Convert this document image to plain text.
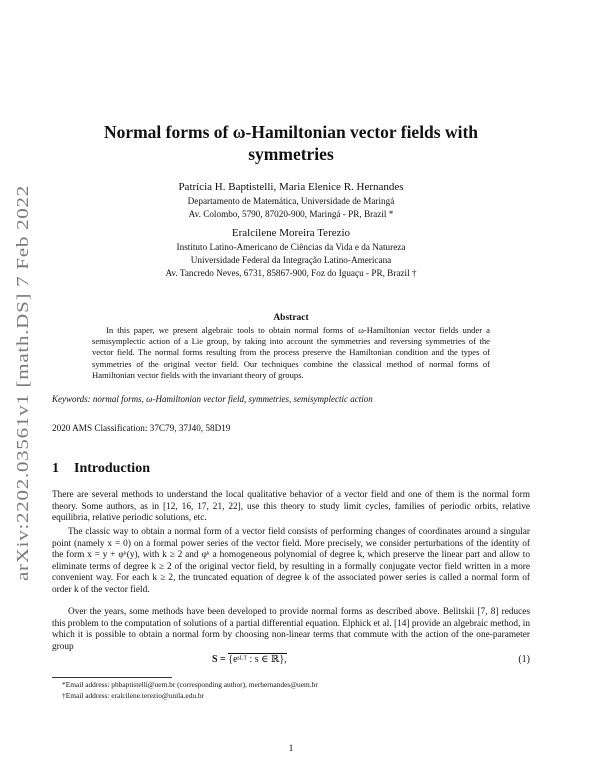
arXiv:2202.03561v1 [math.DS] 7 Feb 2022
Normal forms of ω-Hamiltonian vector fields with
symmetries
Patrícia H. Baptistelli, Maria Elenice R. Hernandes
Departamento de Matemática, Universidade de Maringá
Av. Colombo, 5790, 87020-900, Maringá - PR, Brazil *
Eralcilene Moreira Terezio
Instituto Latino-Americano de Ciências da Vida e da Natureza
Universidade Federal da Integração Latino-Americana
Av. Tancredo Neves, 6731, 85867-900, Foz do Iguaçu - PR, Brazil †
Abstract
In this paper, we present algebraic tools to obtain normal forms of ω-Hamiltonian vector fields under a semisymplectic action of a Lie group, by taking into account the symmetries and reversing symmetries of the vector field. The normal forms resulting from the process preserve the Hamiltonian condition and the types of symmetries of the original vector field. Our techniques combine the classical method of normal forms of Hamiltonian vector fields with the invariant theory of groups.
Keywords: normal forms, ω-Hamiltonian vector field, symmetries, semisymplectic action
2020 AMS Classification: 37C79, 37J40, 58D19
1 Introduction
There are several methods to understand the local qualitative behavior of a vector field and one of them is the normal form theory. Some authors, as in [12, 16, 17, 21, 22], use this theory to study limit cycles, families of periodic orbits, relative equilibria, relative periodic solutions, etc.
The classic way to obtain a normal form of a vector field consists of performing changes of coordinates around a singular point (namely x = 0) on a formal power series of the vector field. More precisely, we consider perturbations of the identity of the form x = y + φᵏ(y), with k ≥ 2 and φᵏ a homogeneous polynomial of degree k, which preserve the linear part and allow to eliminate terms of degree k ≥ 2 of the original vector field, by resulting in a formally conjugate vector field written in a more convenient way. For each k ≥ 2, the truncated equation of degree k of the associated power series is called a normal form of order k of the vector field.
Over the years, some methods have been developed to provide normal forms as described above. Belitskii [7, 8] reduces this problem to the computation of solutions of a partial differential equation. Elphick et al. [14] provide an algebraic method, in which it is possible to obtain a normal form by choosing non-linear terms that commute with the action of the one-parameter group
S = {eˢᴸᵀ : s ∈ ℝ},	(1)
*Email address: phbaptistelli@uem.br (corresponding author), merhernandes@uem.br
†Email address: eralcilene.terezio@unila.edu.br
1
